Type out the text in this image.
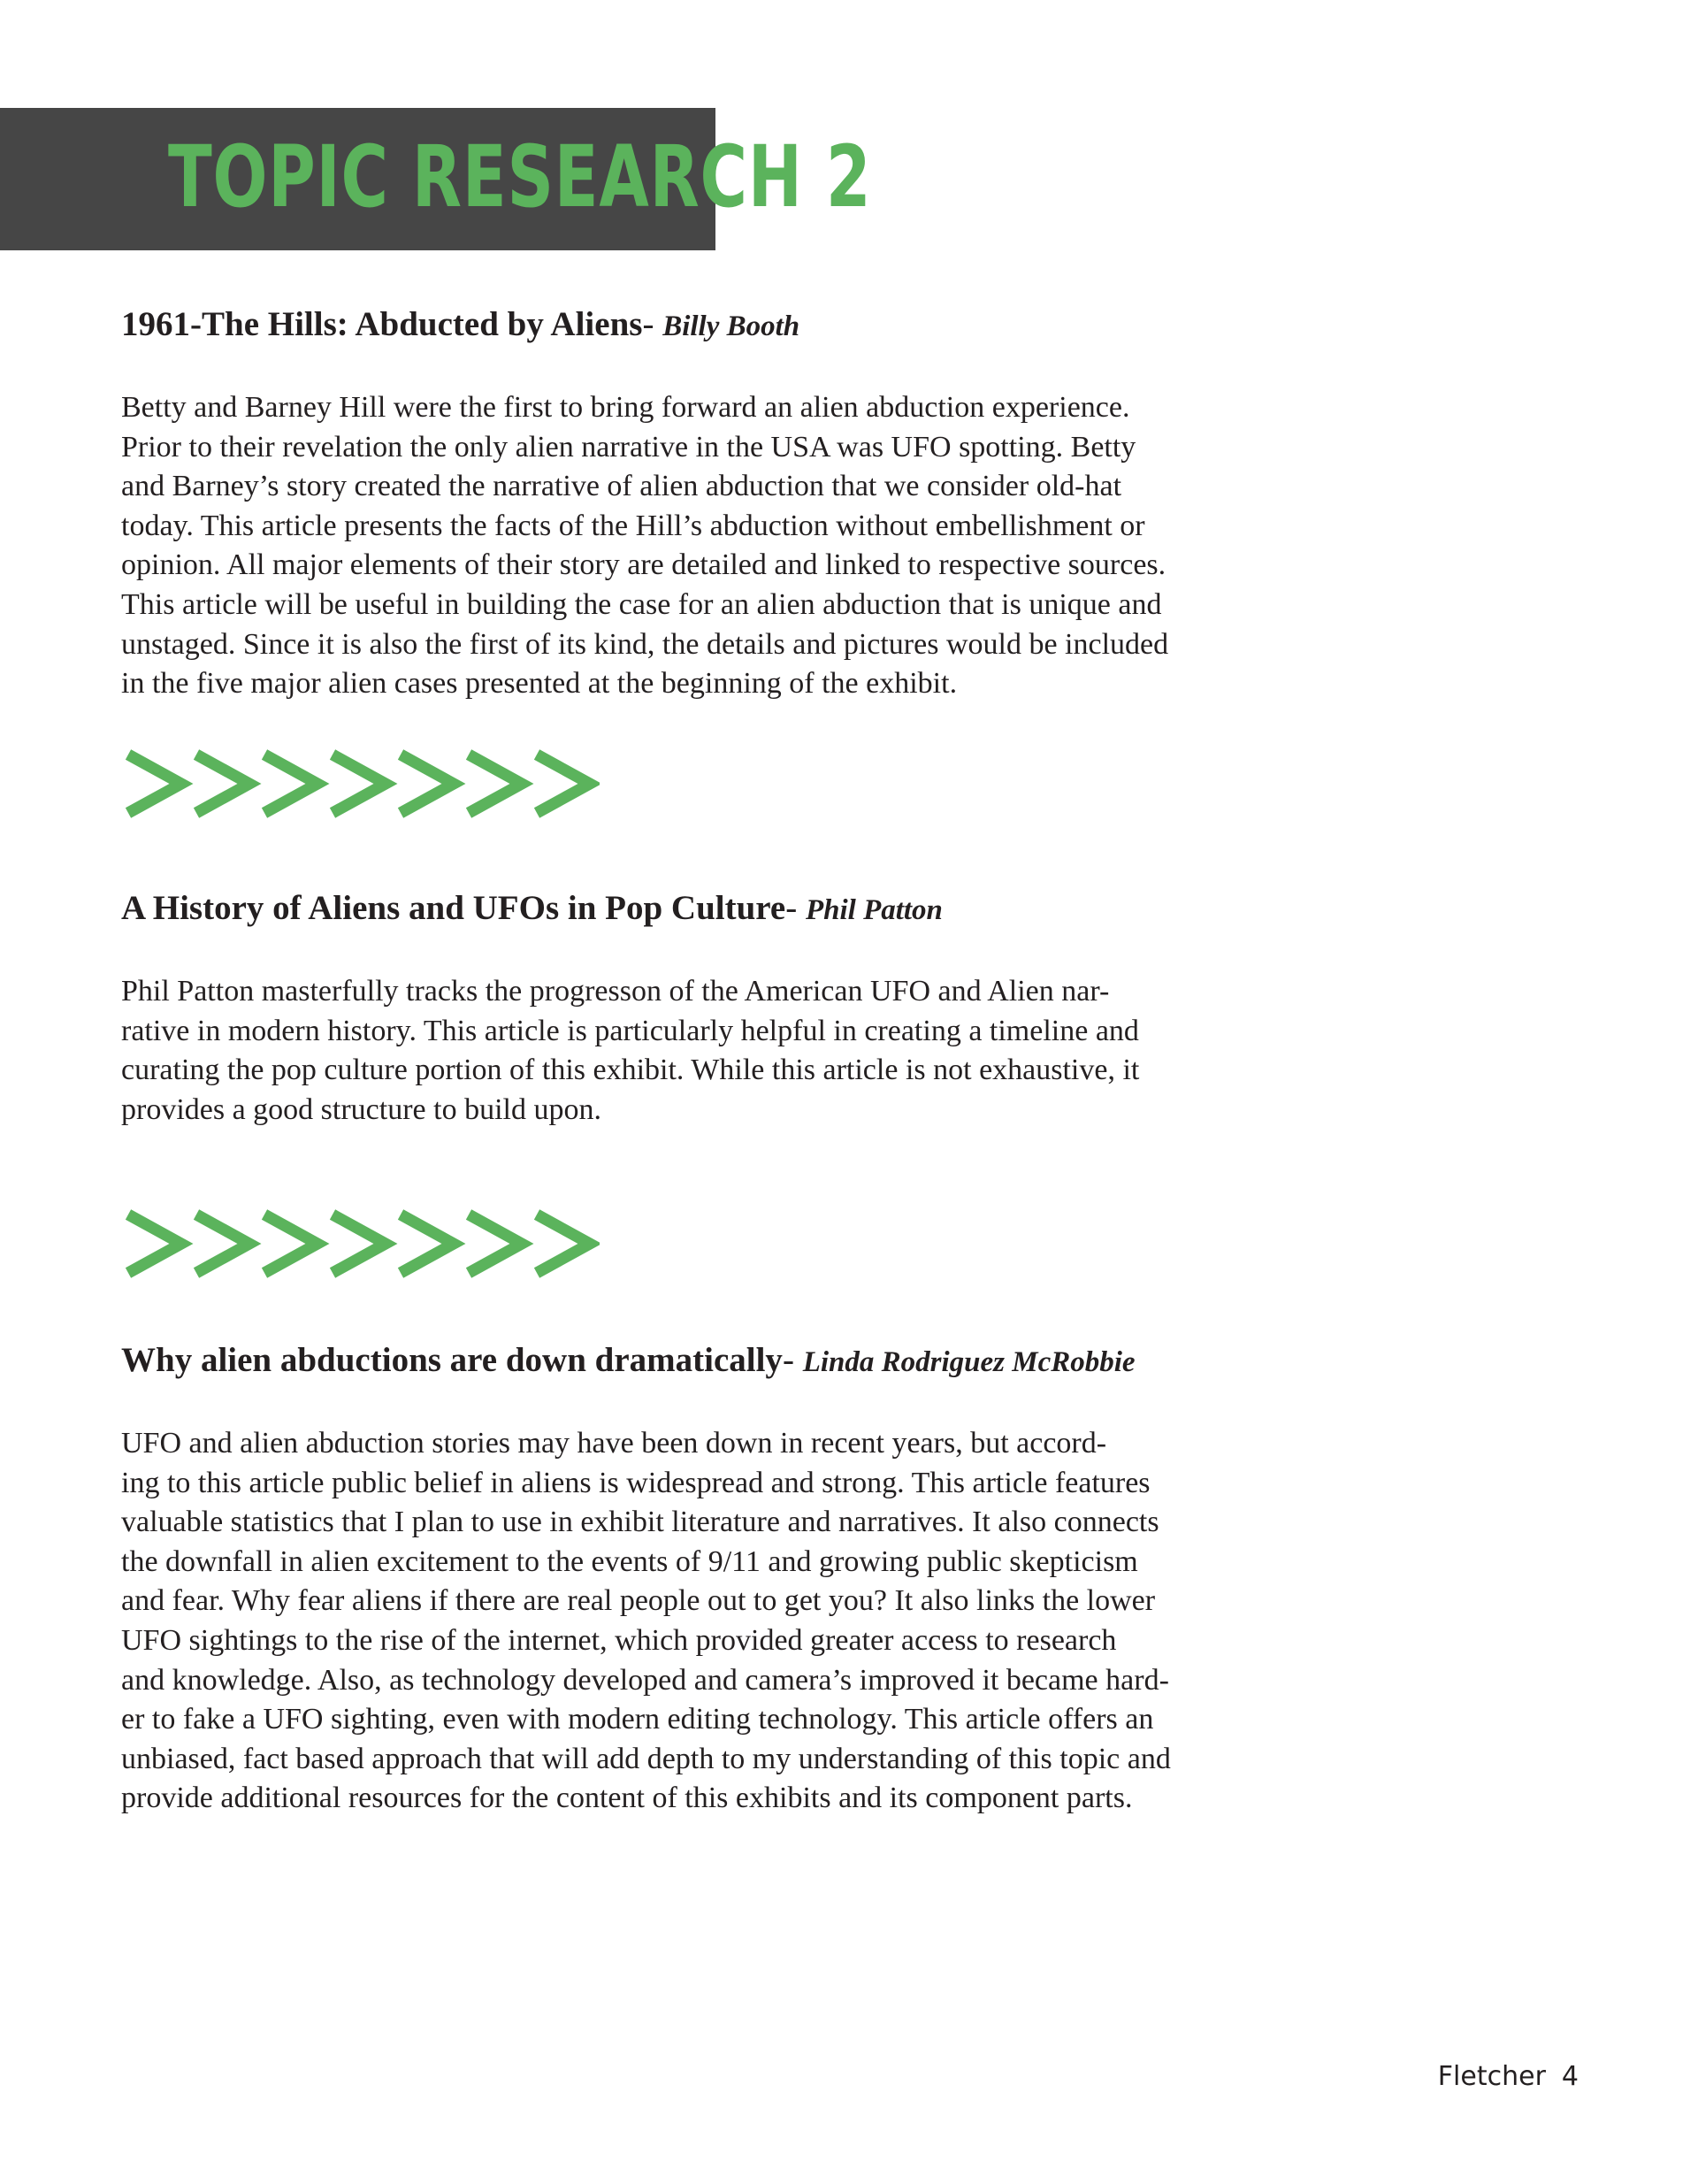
TOPIC RESEARCH 2
1961-The Hills: Abducted by Aliens- Billy Booth

Betty and Barney Hill were the first to bring forward an alien abduction experience.
Prior to their revelation the only alien narrative in the USA was UFO spotting. Betty
and Barney’s story created the narrative of alien abduction that we consider old-hat
today. This article presents the facts of the Hill’s abduction without embellishment or
opinion. All major elements of their story are detailed and linked to respective sources.
This article will be useful in building the case for an alien abduction that is unique and
unstaged. Since it is also the first of its kind, the details and pictures would be included
in the five major alien cases presented at the beginning of the exhibit.

A History of Aliens and UFOs in Pop Culture- Phil Patton

Phil Patton masterfully tracks the progresson of the American UFO and Alien nar-
rative in modern history. This article is particularly helpful in creating a timeline and
curating the pop culture portion of this exhibit. While this article is not exhaustive, it
provides a good structure to build upon.

Why alien abductions are down dramatically- Linda Rodriguez McRobbie

UFO and alien abduction stories may have been down in recent years, but accord-
ing to this article public belief in aliens is widespread and strong. This article features
valuable statistics that I plan to use in exhibit literature and narratives. It also connects
the downfall in alien excitement to the events of 9/11 and growing public skepticism
and fear. Why fear aliens if there are real people out to get you? It also links the lower
UFO sightings to the rise of the internet, which provided greater access to research
and knowledge. Also, as technology developed and camera’s improved it became hard-
er to fake a UFO sighting, even with modern editing technology. This article offers an
unbiased, fact based approach that will add depth to my understanding of this topic and
provide additional resources for the content of this exhibits and its component parts.

Fletcher 4
